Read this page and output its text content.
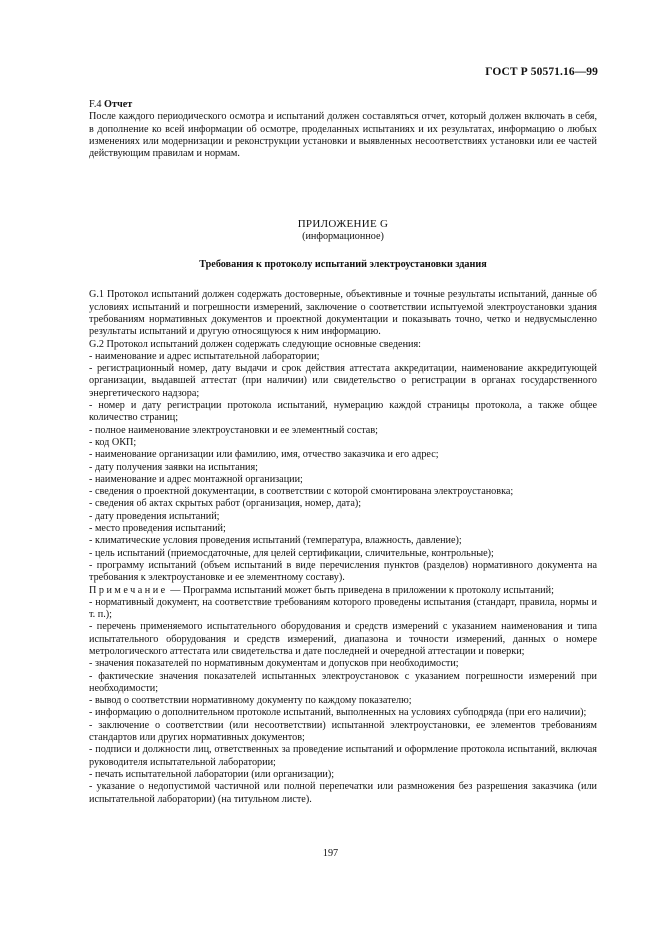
ГОСТ Р 50571.16—99

F.4 Отчет

После каждого периодического осмотра и испытаний должен составляться отчет, который должен включать в себя, в дополнение ко всей информации об осмотре, проделанных испытаниях и их результатах, информацию о любых изменениях или модернизации и реконструкции установки и выявленных несоответствиях установки или ее частей действующим правилам и нормам.

ПРИЛОЖЕНИЕ G
(информационное)
Требования к протоколу испытаний электроустановки здания

G.1 Протокол испытаний должен содержать достоверные, объективные и точные результаты испытаний, данные об условиях испытаний и погрешности измерений, заключение о соответствии испытуемой электроустановки здания требованиям нормативных документов и проектной документации и показывать точно, четко и недвусмысленно результаты испытаний и другую относящуюся к ним информацию.

G.2 Протокол испытаний должен содержать следующие основные сведения:

- наименование и адрес испытательной лаборатории;

- регистрационный номер, дату выдачи и срок действия аттестата аккредитации, наименование аккредитующей организации, выдавшей аттестат (при наличии) или свидетельство о регистрации в органах государственного энергетического надзора;

- номер и дату регистрации протокола испытаний, нумерацию каждой страницы протокола, а также общее количество страниц;

- полное наименование электроустановки и ее элементный состав;

- код ОКП;

- наименование организации или фамилию, имя, отчество заказчика и его адрес;

- дату получения заявки на испытания;

- наименование и адрес монтажной организации;

- сведения о проектной документации, в соответствии с которой смонтирована электроустановка;

- сведения об актах скрытых работ (организация, номер, дата);

- дату проведения испытаний;

- место проведения испытаний;

- климатические условия проведения испытаний (температура, влажность, давление);

- цель испытаний (приемосдаточные, для целей сертификации, сличительные, контрольные);

- программу испытаний (объем испытаний в виде перечисления пунктов (разделов) нормативного документа на требования к электроустановке и ее элементному составу).

Примечание — Программа испытаний может быть приведена в приложении к протоколу испытаний;

- нормативный документ, на соответствие требованиям которого проведены испытания (стандарт, правила, нормы и т. п.);

- перечень применяемого испытательного оборудования и средств измерений с указанием наименования и типа испытательного оборудования и средств измерений, диапазона и точности измерений, данных о номере метрологического аттестата или свидетельства и дате последней и очередной аттестации и поверки;

- значения показателей по нормативным документам и допусков при необходимости;

- фактические значения показателей испытанных электроустановок с указанием погрешности измерений при необходимости;

- вывод о соответствии нормативному документу по каждому показателю;

- информацию о дополнительном протоколе испытаний, выполненных на условиях субподряда (при его наличии);

- заключение о соответствии (или несоответствии) испытанной электроустановки, ее элементов требованиям стандартов или других нормативных документов;

- подписи и должности лиц, ответственных за проведение испытаний и оформление протокола испытаний, включая руководителя испытательной лаборатории;

- печать испытательной лаборатории (или организации);

- указание о недопустимой частичной или полной перепечатки или размножения без разрешения заказчика (или испытательной лаборатории) (на титульном листе).

197
